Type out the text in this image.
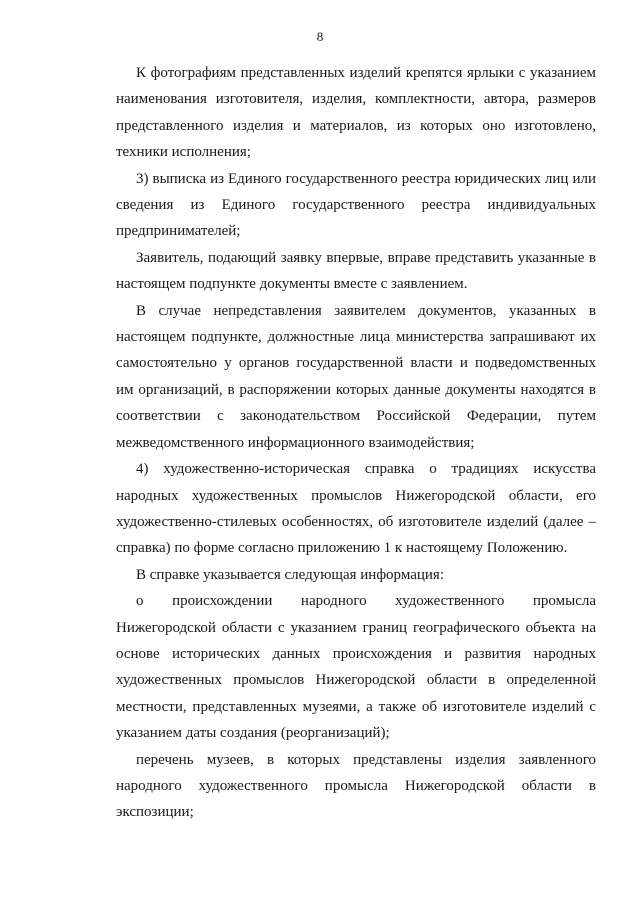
8

К фотографиям представленных изделий крепятся ярлыки с указанием наименования изготовителя, изделия, комплектности, автора, размеров представленного изделия и материалов, из которых оно изготовлено, техники исполнения;

3) выписка из Единого государственного реестра юридических лиц или сведения из Единого государственного реестра индивидуальных предпринимателей;

Заявитель, подающий заявку впервые, вправе представить указанные в настоящем подпункте документы вместе с заявлением.

В случае непредставления заявителем документов, указанных в настоящем подпункте, должностные лица министерства запрашивают их самостоятельно у органов государственной власти и подведомственных им организаций, в распоряжении которых данные документы находятся в соответствии с законодательством Российской Федерации, путем межведомственного информационного взаимодействия;

4) художественно-историческая справка о традициях искусства народных художественных промыслов Нижегородской области, его художественно-стилевых особенностях, об изготовителе изделий (далее – справка) по форме согласно приложению 1 к настоящему Положению.

В справке указывается следующая информация:

о происхождении народного художественного промысла Нижегородской области с указанием границ географического объекта на основе исторических данных происхождения и развития народных художественных промыслов Нижегородской области в определенной местности, представленных музеями, а также об изготовителе изделий с указанием даты создания (реорганизаций);

перечень музеев, в которых представлены изделия заявленного народного художественного промысла Нижегородской области в экспозиции;
